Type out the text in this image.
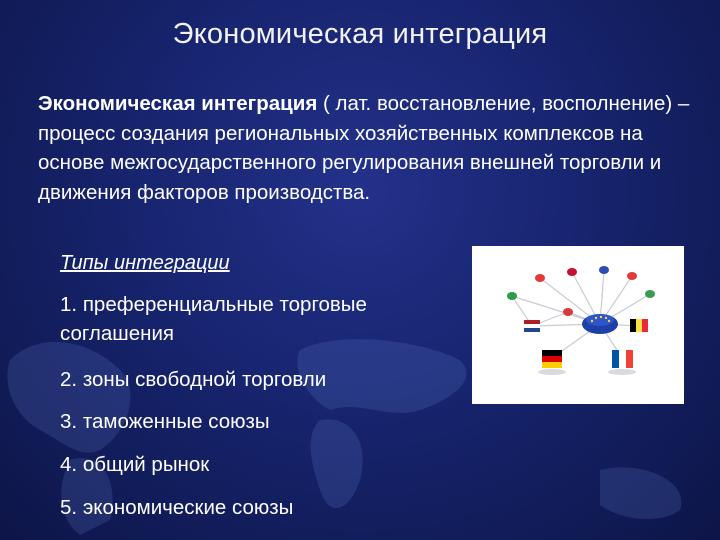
Экономическая интеграция
Экономическая интеграция ( лат. восстановление, восполнение) – процесс создания региональных хозяйственных комплексов на основе межгосударственного регулирования внешней торговли и движения факторов производства.
Типы интеграции
1. преференциальные торговые соглашения
2. зоны свободной торговли
3. таможенные союзы
4. общий рынок
5. экономические союзы
